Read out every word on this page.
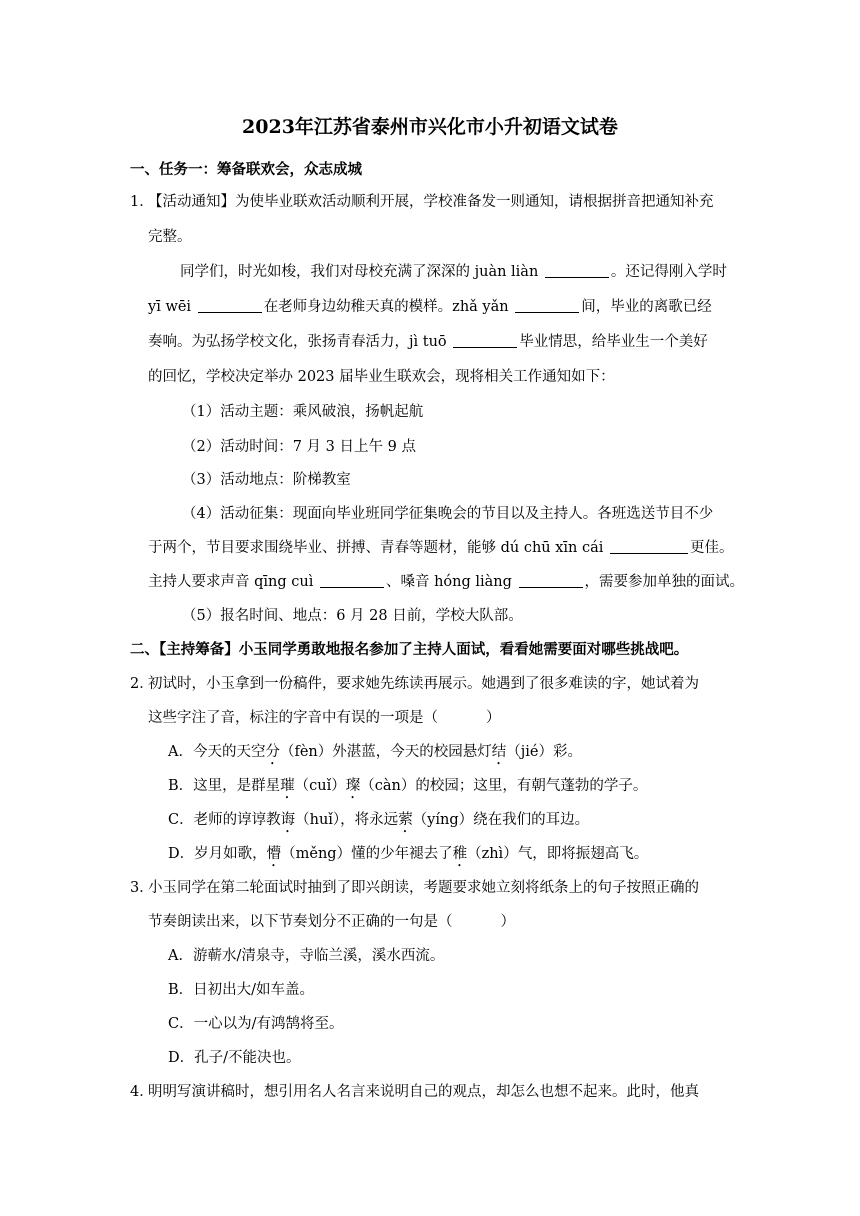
2023年江苏省泰州市兴化市小升初语文试卷
一、任务一：筹备联欢会，众志成城
1．【活动通知】为使毕业联欢活动顺利开展，学校准备发一则通知，请根据拼音把通知补充
完整。
同学们，时光如梭，我们对母校充满了深深的 juàn liàn	。还记得刚入学时
yī wēi	在老师身边幼稚天真的模样。zhǎ yǎn	间，毕业的离歌已经
奏响。为弘扬学校文化，张扬青春活力，jì tuō	毕业情思，给毕业生一个美好
的回忆，学校决定举办 2023 届毕业生联欢会，现将相关工作通知如下：
（1）活动主题：乘风破浪，扬帆起航
（2）活动时间：7 月 3 日上午 9 点
（3）活动地点：阶梯教室
（4）活动征集：现面向毕业班同学征集晚会的节目以及主持人。各班选送节目不少
于两个，节目要求围绕毕业、拼搏、青春等题材，能够 dú chū xīn cái	更佳。
主持人要求声音 qīng cuì	、嗓音 hóng liàng	，需要参加单独的面试。
（5）报名时间、地点：6 月 28 日前，学校大队部。
二、【主持筹备】小玉同学勇敢地报名参加了主持人面试，看看她需要面对哪些挑战吧。
2．初试时，小玉拿到一份稿件，要求她先练读再展示。她遇到了很多难读的字，她试着为
这些字注了音，标注的字音中有误的一项是（	）
A．今天的天空分（fèn）外湛蓝，今天的校园悬灯结（jié）彩。
B．这里，是群星璀（cuǐ）璨（càn）的校园；这里，有朝气蓬勃的学子。
C．老师的谆谆教诲（huǐ），将永远萦（yíng）绕在我们的耳边。
D．岁月如歌，懵（měng）懂的少年褪去了稚（zhì）气，即将振翅高飞。
3．小玉同学在第二轮面试时抽到了即兴朗读，考题要求她立刻将纸条上的句子按照正确的
节奏朗读出来，以下节奏划分不正确的一句是（	）
A．游蕲水/清泉寺，寺临兰溪，溪水西流。
B．日初出大/如车盖。
C．一心以为/有鸿鹄将至。
D．孔子/不能决也。
4．明明写演讲稿时，想引用名人名言来说明自己的观点，却怎么也想不起来。此时，他真
